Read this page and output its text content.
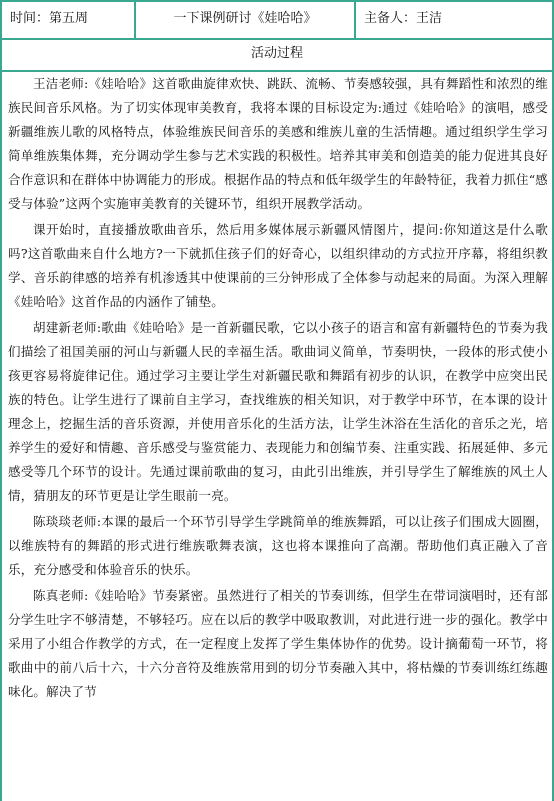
时间：第五周	一下课例研讨《娃哈哈》	主备人：王洁
活动过程

王洁老师:《娃哈哈》这首歌曲旋律欢快、跳跃、流畅、节奏感较强，具有舞蹈性和浓烈的维族民间音乐风格。为了切实体现审美教育，我将本课的目标设定为:通过《娃哈哈》的演唱，感受新疆维族儿歌的风格特点，体验维族民间音乐的美感和维族儿童的生活情趣。通过组织学生学习简单维族集体舞，充分调动学生参与艺术实践的积极性。培养其审美和创造美的能力促进其良好合作意识和在群体中协调能力的形成。根据作品的特点和低年级学生的年龄特征，我着力抓住“感受与体验”这两个实施审美教育的关键环节，组织开展教学活动。

课开始时，直接播放歌曲音乐，然后用多媒体展示新疆风情图片，提问:你知道这是什么歌吗?这首歌曲来自什么地方?一下就抓住孩子们的好奇心，以组织律动的方式拉开序幕，将组织教学、音乐韵律感的培养有机渗透其中使课前的三分钟形成了全体参与动起来的局面。为深入理解《娃哈哈》这首作品的内涵作了铺垫。

胡建新老师:歌曲《娃哈哈》是一首新疆民歌，它以小孩子的语言和富有新疆特色的节奏为我们描绘了祖国美丽的河山与新疆人民的幸福生活。歌曲词义简单，节奏明快，一段体的形式使小孩更容易将旋律记住。通过学习主要让学生对新疆民歌和舞蹈有初步的认识，在教学中应突出民族的特色。让学生进行了课前自主学习，查找维族的相关知识，对于教学中环节，在本课的设计理念上，挖掘生活的音乐资源，并使用音乐化的生活方法，让学生沐浴在生活化的音乐之光，培养学生的爱好和情趣、音乐感受与鉴赏能力、表现能力和创编节奏、注重实践、拓展延伸、多元感受等几个环节的设计。先通过课前歌曲的复习，由此引出维族，并引导学生了解维族的风土人情，猜朋友的环节更是让学生眼前一亮。

陈琰琰老师:本课的最后一个环节引导学生学跳简单的维族舞蹈，可以让孩子们围成大圆圈，以维族特有的舞蹈的形式进行维族歌舞表演，这也将本课推向了高潮。帮助他们真正融入了音乐，充分感受和体验音乐的快乐。

陈真老师:《娃哈哈》节奏紧密。虽然进行了相关的节奏训练，但学生在带词演唱时，还有部分学生吐字不够清楚，不够轻巧。应在以后的教学中吸取教训，对此进行进一步的强化。教学中采用了小组合作教学的方式，在一定程度上发挥了学生集体协作的优势。设计摘葡萄一环节，将歌曲中的前八后十六，十六分音符及维族常用到的切分节奏融入其中，将枯燥的节奏训练红练趣味化。解决了节
